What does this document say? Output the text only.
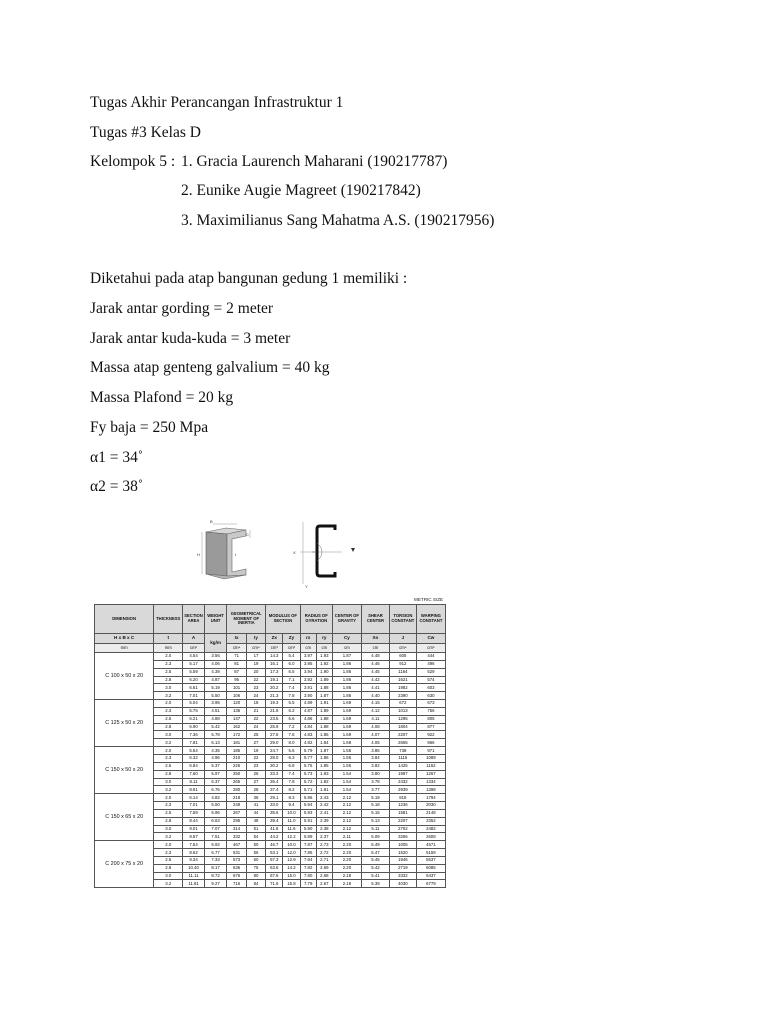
Tugas Akhir Perancangan Infrastruktur 1
Tugas #3 Kelas D
Kelompok 5 : 1. Gracia Laurench Maharani (190217787)
2. Eunike Augie Magreet (190217842)
3. Maximilianus Sang Mahatma A.S. (190217956)
Diketahui pada atap bangunan gedung 1 memiliki :
Jarak antar gording = 2 meter
Jarak antar kuda-kuda = 3 meter
Massa atap genteng galvalium = 40 kg
Massa Plafond = 20 kg
Fy baja = 250 Mpa
α1 = 34˚
α2 = 38˚
B
C
H	t	X
Y
METRIC SIZE
DIMENSION	THICKNESS	SECTION AREA	WEIGHT UNIT	GEOMETRICAL MOMENT OF INERTIA		MODULUS OF SECTION		RADIUS OF GYRATION		CENTER OF GRAVITY	SHEAR CENTER	TORSION CONSTANT	WARPING CONSTANT
H x B x C	t	A	kg/m	Ix	Iy	Zx	Zy	rx	ry	Cy	Xo	J	Cw
mm	mm	cm²		cm⁴	cm⁴	cm³	cm³	cm	cm	cm	cm	cm⁴	cm⁶
C 100 x 50 x 20	2.0	4.54	3.56	71	17	14.3	5.4	3.97	1.93	1.87	4.48	605	444
	2.3	5.17	4.06	81	19	16.1	6.0	3.95	1.92	1.86	4.46	912	496
	2.5	5.59	4.39	87	20	17.3	6.5	3.94	1.90	1.86	4.45	1164	529
	2.8	6.20	4.87	95	22	19.1	7.1	3.92	1.89	1.86	4.42	1621	574
	3.0	6.61	5.19	101	23	20.2	7.4	3.91	1.88	1.86	4.41	1982	603
	3.2	7.01	5.50	106	24	21.3	7.8	3.90	1.87	1.86	4.40	2390	630
C 125 x 50 x 20	2.0	5.04	3.95	120	18	19.3	5.5	4.89	1.91	1.69	4.15	672	673
	2.3	5.75	4.51	136	21	21.8	6.2	4.87	1.89	1.69	4.12	1013	756
	2.5	6.21	4.88	147	22	23.5	6.6	4.86	1.88	1.69	4.11	1295	805
	2.8	6.90	5.42	162	24	25.9	7.2	4.84	1.88	1.69	4.08	1804	877
	3.0	7.36	5.78	172	25	27.5	7.6	4.83	1.85	1.69	4.07	2207	922
	3.2	7.81	6.13	181	27	29.0	8.0	4.82	1.84	1.68	4.05	2665	966
C 150 x 50 x 20	2.0	5.54	4.35	185	19	24.7	5.6	5.79	1.87	1.55	3.86	738	971
	2.3	6.32	4.96	210	22	28.0	6.3	5.77	1.86	1.55	3.84	1115	1089
	2.5	6.84	5.37	226	23	30.2	6.8	5.75	1.85	1.55	3.82	1425	1162
	2.8	7.60	5.97	250	26	33.3	7.4	5.73	1.83	1.54	3.80	1987	1267
	3.0	8.11	6.37	265	27	35.4	7.8	5.72	1.82	1.54	3.78	2432	1334
	3.2	8.61	6.76	280	28	37.4	8.2	5.71	1.81	1.54	3.77	2939	1398
C 150 x 65 x 20	2.0	6.14	4.82	218	36	29.1	8.3	5.96	2.43	2.12	5.19	818	1794
	2.3	7.01	5.50	248	41	33.0	9.4	5.94	2.42	2.12	5.18	1236	2030
	2.5	7.59	5.96	267	44	35.6	10.0	5.93	2.41	2.12	5.15	1581	2148
	2.8	8.44	6.63	295	48	39.4	11.0	5.91	2.39	2.12	5.13	2207	2352
	3.0	9.01	7.07	314	51	41.8	11.6	5.90	2.38	2.12	5.11	2702	2482
	3.2	9.57	7.51	332	54	44.2	12.2	5.89	2.37	2.11	5.09	3266	2608
C 200 x 75 x 20	2.0	7.54	5.92	467	50	46.7	10.0	7.87	2.73	2.20	5.49	1005	4571
	2.3	8.62	6.77	531	56	53.1	12.0	7.85	2.72	2.20	5.47	1520	5159
	2.5	9.34	7.33	573	60	57.3	12.9	7.84	2.71	2.20	5.45	1946	5537
	2.8	10.40	8.17	636	75	63.6	14.2	7.82	2.69	2.20	5.42	2719	6085
	3.0	11.11	8.72	676	80	67.6	15.0	7.80	2.68	2.18	5.41	3332	6437
	3.2	11.81	9.27	716	84	71.6	15.8	7.79	2.67	2.18	5.39	4030	6779
